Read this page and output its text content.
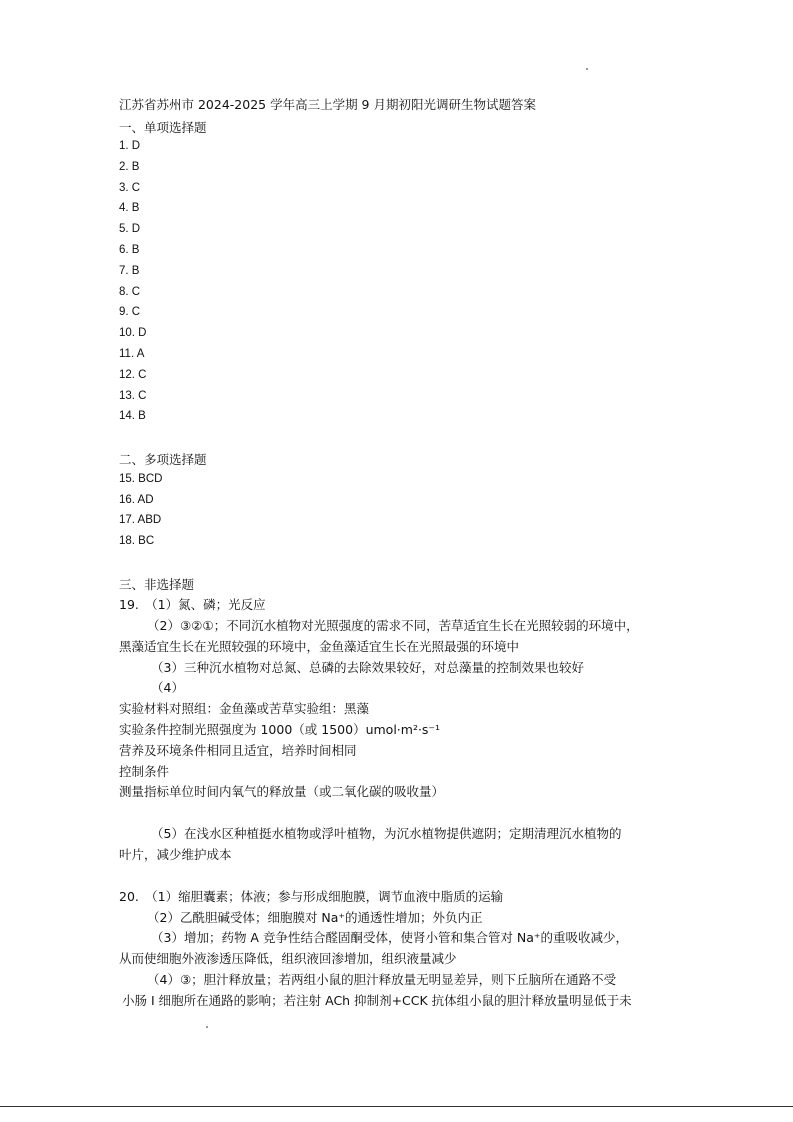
江苏省苏州市 2024-2025 学年高三上学期 9 月期初阳光调研生物试题答案
一、单项选择题
1. D
2. B
3. C
4. B
5. D
6. B
7. B
8. C
9. C
10. D
11. A
12. C
13. C
14. B
二、多项选择题
15. BCD
16. AD
17. ABD
18. BC
三、非选择题
19.　（1）氮、磷；光反应
（2）③②①；不同沉水植物对光照强度的需求不同，苦草适宜生长在光照较弱的环境中，
黑藻适宜生长在光照较强的环境中，金鱼藻适宜生长在光照最强的环境中
（3）三种沉水植物对总氮、总磷的去除效果较好，对总藻量的控制效果也较好
（4）
实验材料对照组：金鱼藻或苦草实验组：黑藻
实验条件控制光照强度为 1000（或 1500）umol·m²·s⁻¹
营养及环境条件相同且适宜，培养时间相同
控制条件
测量指标单位时间内氧气的释放量（或二氧化碳的吸收量）
（5）在浅水区种植挺水植物或浮叶植物，为沉水植物提供遮阴；定期清理沉水植物的
叶片，减少维护成本
20.　（1）缩胆囊素；体液；参与形成细胞膜，调节血液中脂质的运输
（2）乙酰胆碱受体；细胞膜对 Na⁺的通透性增加；外负内正
（3）增加；药物 A 竞争性结合醛固酮受体，使肾小管和集合管对 Na⁺的重吸收减少，
从而使细胞外液渗透压降低，组织液回渗增加，组织液量减少
（4）③；胆汁释放量；若两组小鼠的胆汁释放量无明显差异，则下丘脑所在通路不受
小肠 I 细胞所在通路的影响；若注射 ACh 抑制剂+CCK 抗体组小鼠的胆汁释放量明显低于未
